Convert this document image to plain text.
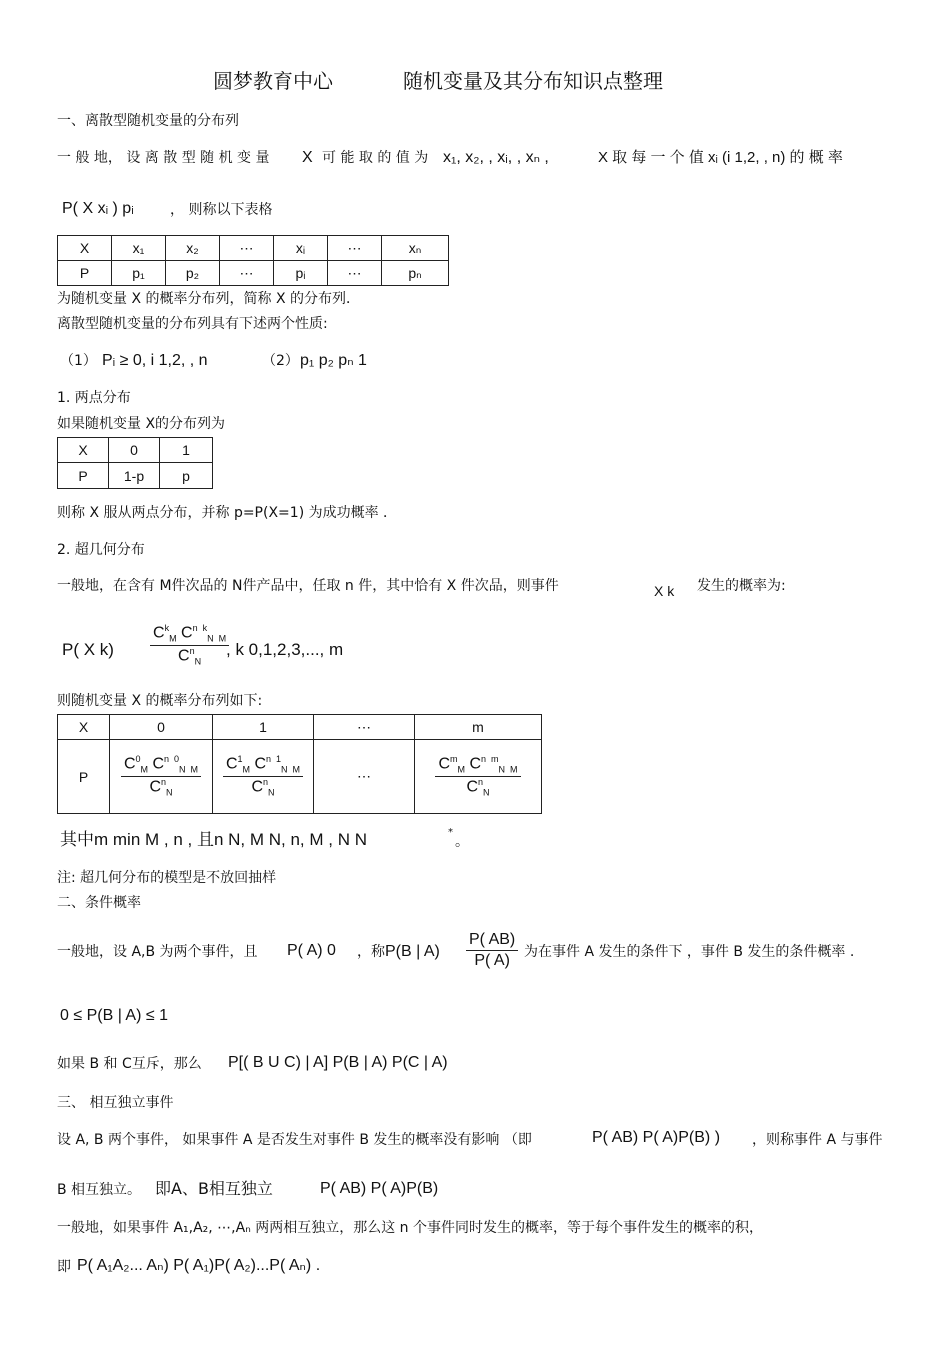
圆梦教育中心	随机变量及其分布知识点整理
一、离散型随机变量的分布列
一 般 地， 设 离 散 型 随 机 变 量 X 可 能 取 的 值 为 x₁, x₂, , xᵢ, , xₙ ,	X 取 每 一 个 值 xᵢ (i 1,2, , n) 的 概 率
P( X xᵢ ) pᵢ	， 则称以下表格
X	x₁	x₂	⋯	xᵢ	⋯	xₙ
P	p₁	p₂	⋯	pᵢ	⋯	pₙ
为随机变量 X 的概率分布列，简称 X 的分布列．
离散型随机变量的分布列具有下述两个性质:
（1） Pᵢ ≥ 0, i 1,2, , n	（2） p₁ p₂ pₙ 1
1. 两点分布
如果随机变量 X的分布列为
X	0	1
P	1-p	p
则称 X 服从两点分布，并称 p=P(X=1) 为成功概率 ．
2. 超几何分布
一般地，在含有 M件次品的 N件产品中，任取 n 件，其中恰有 X 件次品，则事件	X k 发生的概率为:
P( X $k) \frac{C^k_M C^{n k}_{N M}}{C^n_N}$
, k 0,1,2,3,..., m
则随机变量 X 的概率分布列如下:
X	0	1	⋯	m
P	$\frac{C^0_M C^{n 0}_{N M}}{C^n_N}$	$\frac{C^1_M C^{n 1}_{N M}}{C^n_N}$	⋯	$\frac{C^m_M C^{n m}_{N M}}{C^n_N}$
其中m min M , n , 且n N, M N, n, M , N N	*
。
注: 超几何分布的模型是不放回抽样
二、条件概率
一般地，设 A,B 为两个事件，且 P( A) 0 ，称 P(B | $A) \frac{P( AB)}{P( A)}$ 为在事件 A 发生的条件下 ，事件 B 发生的条件概率 .
0 ≤ P(B | A) ≤ 1
如果 B 和 C互斥，那么 P[( B U C) | A] P(B | A) P(C | A)
三、 相互独立事件
设 A, B 两个事件， 如果事件 A 是否发生对事件 B 发生的概率没有影响 （即	P( AB) P( A)P(B) ) ，则称事件 A 与事件
B 相互独立。 即A、B相互独立	P( AB) P( A)P(B)
一般地，如果事件 A₁,A₂, ⋯,Aₙ 两两相互独立，那么这 n 个事件同时发生的概率，等于每个事件发生的概率的积，
即 P( A₁A₂... Aₙ) P( A₁)P( A₂)...P( Aₙ) .
